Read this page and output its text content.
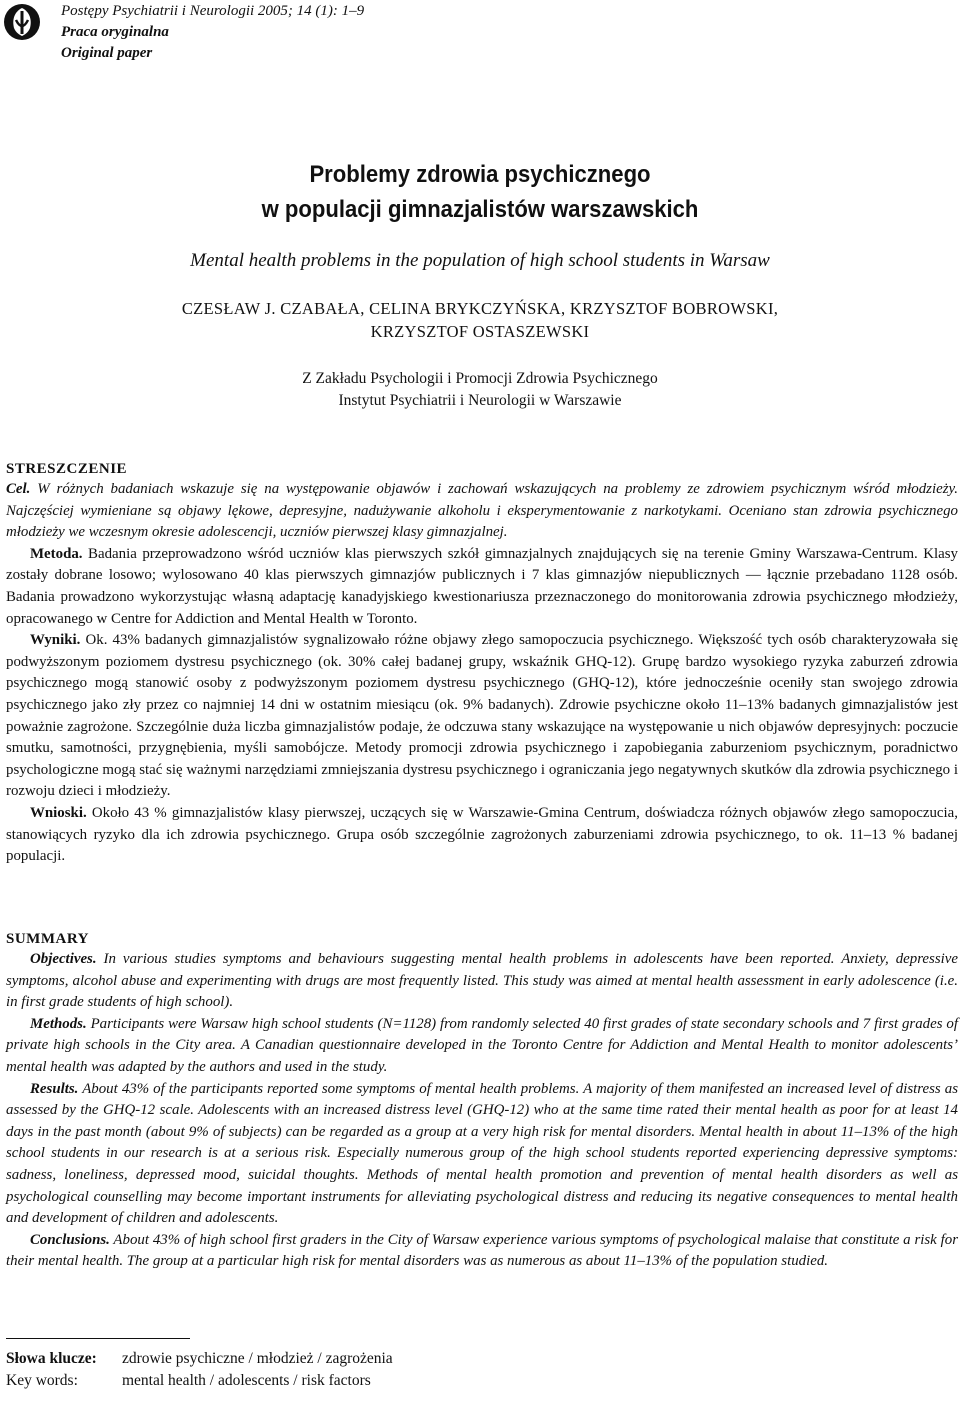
Postępy Psychiatrii i Neurologii 2005; 14 (1): 1–9
Praca oryginalna
Original paper
Problemy zdrowia psychicznego
w populacji gimnazjalistów warszawskich
Mental health problems in the population of high school students in Warsaw
CZESŁAW J. CZABAŁA, CELINA BRYKCZYŃSKA, KRZYSZTOF BOBROWSKI,
KRZYSZTOF OSTASZEWSKI
Z Zakładu Psychologii i Promocji Zdrowia Psychicznego
Instytut Psychiatrii i Neurologii w Warszawie
STRESZCZENIE

Cel. W różnych badaniach wskazuje się na występowanie objawów i zachowań wskazujących na problemy ze zdrowiem psychicznym wśród młodzieży. Najczęściej wymieniane są objawy lękowe, depresyjne, nadużywanie alkoholu i eksperymentowanie z narkotykami. Oceniano stan zdrowia psychicznego młodzieży we wczesnym okresie adolescencji, uczniów pierwszej klasy gimnazjalnej.

Metoda. Badania przeprowadzono wśród uczniów klas pierwszych szkół gimnazjalnych znajdujących się na terenie Gminy Warszawa-Centrum. Klasy zostały dobrane losowo; wylosowano 40 klas pierwszych gimnazjów publicznych i 7 klas gimnazjów niepublicznych — łącznie przebadano 1128 osób. Badania prowadzono wykorzystując własną adaptację kanadyjskiego kwestionariusza przeznaczonego do monitorowania zdrowia psychicznego młodzieży, opracowanego w Centre for Addiction and Mental Health w Toronto.

Wyniki. Ok. 43% badanych gimnazjalistów sygnalizowało różne objawy złego samopoczucia psychicznego. Większość tych osób charakteryzowała się podwyższonym poziomem dystresu psychicznego (ok. 30% całej badanej grupy, wskaźnik GHQ-12). Grupę bardzo wysokiego ryzyka zaburzeń zdrowia psychicznego mogą stanowić osoby z podwyższonym poziomem dystresu psychicznego (GHQ-12), które jednocześnie oceniły stan swojego zdrowia psychicznego jako zły przez co najmniej 14 dni w ostatnim miesiącu (ok. 9% badanych). Zdrowie psychiczne około 11–13% badanych gimnazjalistów jest poważnie zagrożone. Szczególnie duża liczba gimnazjalistów podaje, że odczuwa stany wskazujące na występowanie u nich objawów depresyjnych: poczucie smutku, samotności, przygnębienia, myśli samobójcze. Metody promocji zdrowia psychicznego i zapobiegania zaburzeniom psychicznym, poradnictwo psychologiczne mogą stać się ważnymi narzędziami zmniejszania dystresu psychicznego i ograniczania jego negatywnych skutków dla zdrowia psychicznego i rozwoju dzieci i młodzieży.

Wnioski. Około 43 % gimnazjalistów klasy pierwszej, uczących się w Warszawie-Gmina Centrum, doświadcza różnych objawów złego samopoczucia, stanowiących ryzyko dla ich zdrowia psychicznego. Grupa osób szczególnie zagrożonych zaburzeniami zdrowia psychicznego, to ok. 11–13 % badanej populacji.

SUMMARY

Objectives. In various studies symptoms and behaviours suggesting mental health problems in adolescents have been reported. Anxiety, depressive symptoms, alcohol abuse and experimenting with drugs are most frequently listed. This study was aimed at mental health assessment in early adolescence (i.e. in first grade students of high school).

Methods. Participants were Warsaw high school students (N=1128) from randomly selected 40 first grades of state secondary schools and 7 first grades of private high schools in the City area. A Canadian questionnaire developed in the Toronto Centre for Addiction and Mental Health to monitor adolescents’ mental health was adapted by the authors and used in the study.

Results. About 43% of the participants reported some symptoms of mental health problems. A majority of them manifested an increased level of distress as assessed by the GHQ-12 scale. Adolescents with an increased distress level (GHQ-12) who at the same time rated their mental health as poor for at least 14 days in the past month (about 9% of subjects) can be regarded as a group at a very high risk for mental disorders. Mental health in about 11–13% of the high school students in our research is at a serious risk. Especially numerous group of the high school students reported experiencing depressive symptoms: sadness, loneliness, depressed mood, suicidal thoughts. Methods of mental health promotion and prevention of mental health disorders as well as psychological counselling may become important instruments for alleviating psychological distress and reducing its negative consequences to mental health and development of children and adolescents.

Conclusions. About 43% of high school first graders in the City of Warsaw experience various symptoms of psychological malaise that constitute a risk for their mental health. The group at a particular high risk for mental disorders was as numerous as about 11–13% of the population studied.

Słowa klucze: zdrowie psychiczne / młodzież / zagrożenia
Key words:	mental health / adolescents / risk factors
